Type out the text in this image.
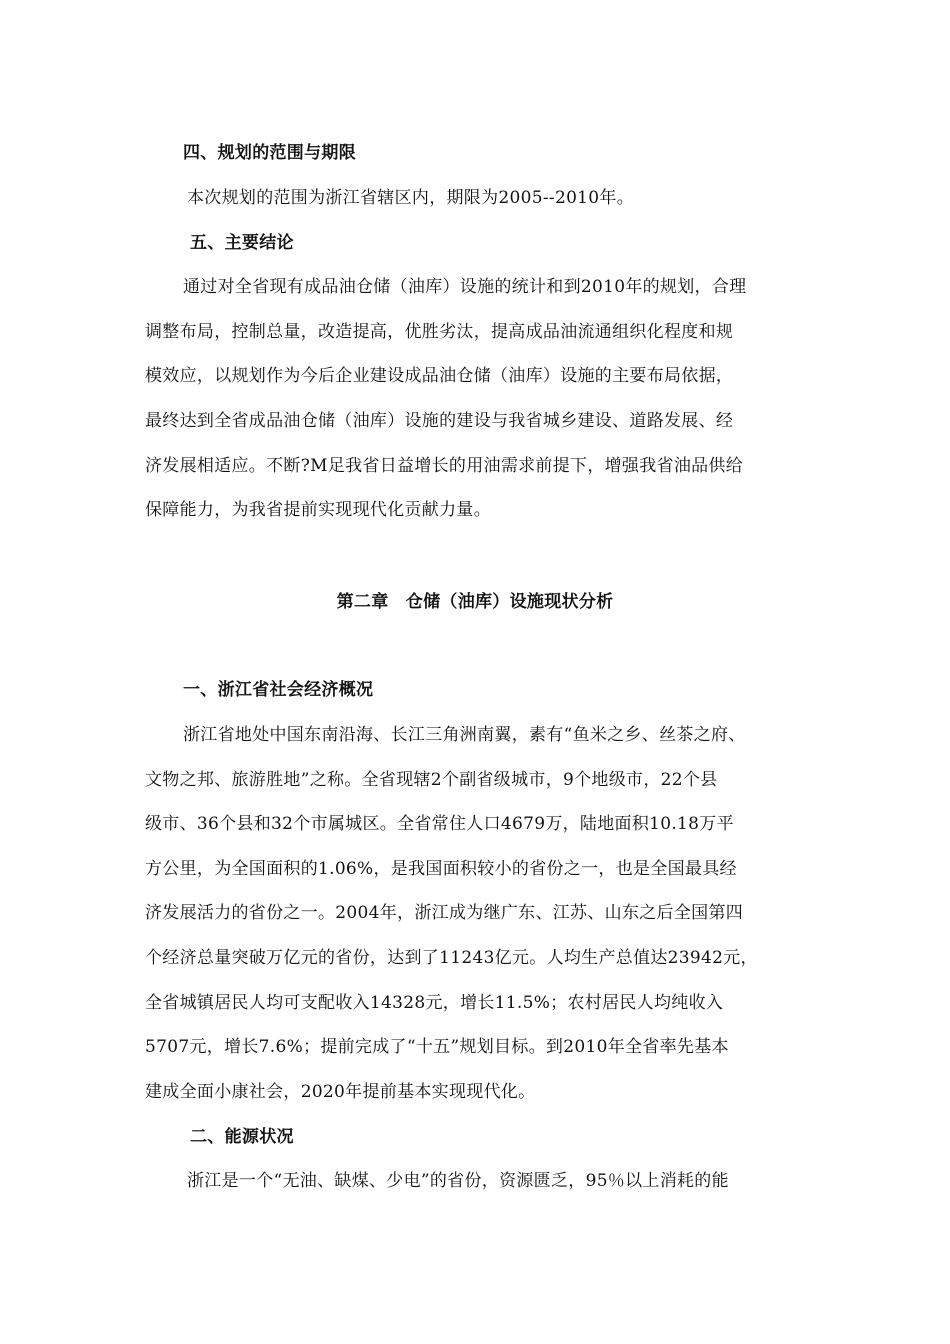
四、规划的范围与期限
本次规划的范围为浙江省辖区内，期限为2005--2010年。
五、主要结论
通过对全省现有成品油仓储（油库）设施的统计和到2010年的规划，合理
调整布局，控制总量，改造提高，优胜劣汰，提高成品油流通组织化程度和规
模效应，以规划作为今后企业建设成品油仓储（油库）设施的主要布局依据，
最终达到全省成品油仓储（油库）设施的建设与我省城乡建设、道路发展、经
济发展相适应。不断?M足我省日益增长的用油需求前提下，增强我省油品供给
保障能力，为我省提前实现现代化贡献力量。
第二章　仓储（油库）设施现状分析
一、浙江省社会经济概况
浙江省地处中国东南沿海、长江三角洲南翼，素有“鱼米之乡、丝茶之府、
文物之邦、旅游胜地”之称。全省现辖2个副省级城市，9个地级市，22个县
级市、36个县和32个市属城区。全省常住人口4679万，陆地面积10.18万平
方公里，为全国面积的1.06%，是我国面积较小的省份之一，也是全国最具经
济发展活力的省份之一。2004年，浙江成为继广东、江苏、山东之后全国第四
个经济总量突破万亿元的省份，达到了11243亿元。人均生产总值达23942元，
全省城镇居民人均可支配收入14328元，增长11.5%；农村居民人均纯收入
5707元，增长7.6%；提前完成了“十五”规划目标。到2010年全省率先基本
建成全面小康社会，2020年提前基本实现现代化。
二、能源状况
浙江是一个“无油、缺煤、少电”的省份，资源匮乏，95％以上消耗的能
